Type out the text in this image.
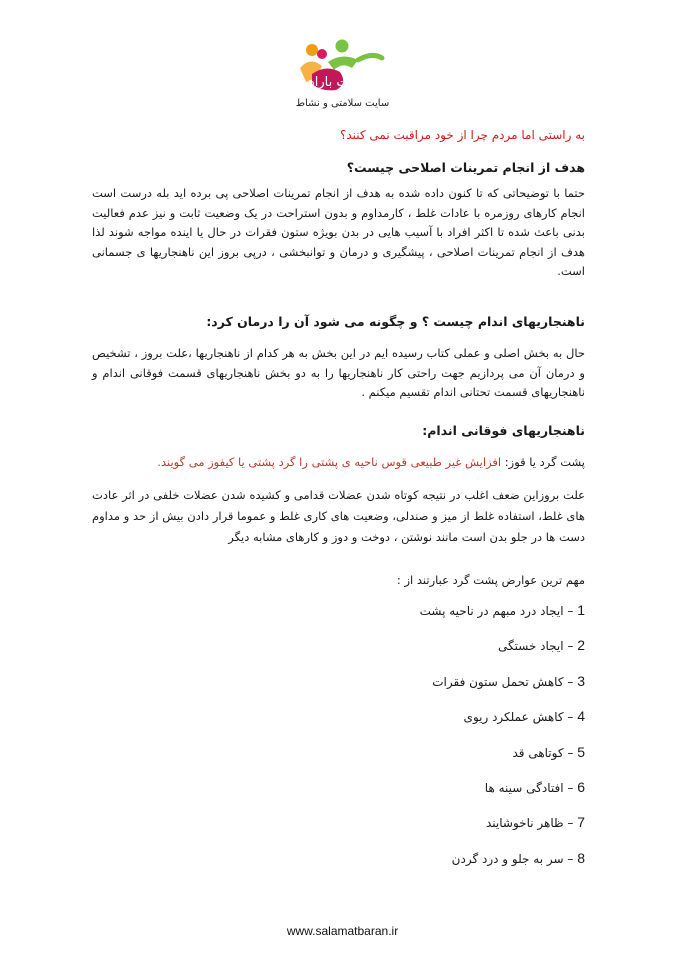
سلامت باران
سایت سلامتی و نشاط
به راستی اما مردم چرا از خود مراقبت نمی کنند؟
هدف از انجام تمرینات اصلاحی چیست؟
حتما با توضیحاتی که تا کنون داده شده به هدف از انجام تمرینات اصلاحی پی برده اید بله درست است انجام کارهای روزمره با عادات غلط ، کارمداوم و بدون استراحت در یک وضعیت ثابت و نیز عدم فعالیت بدنی باعث شده تا اکثر افراد با آسیب هایی در بدن بویژه ستون فقرات در حال یا اینده مواجه شوند لذا هدف از انجام تمرینات اصلاحی ، پیشگیری و درمان و توانبخشی ، درپی بروز این ناهنجاریها ی جسمانی است.
ناهنجاریهای اندام چیست ؟ و چگونه می شود آن را درمان کرد:
حال به بخش اصلی و عملی کتاب رسیده ایم در این بخش به هر کدام از ناهنجاریها ،علت بروز ، تشخیص و درمان آن می پردازیم جهت راحتی کار ناهنجاریها را به دو بخش ناهنجاریهای قسمت فوقانی اندام و ناهنجاریهای قسمت تحتانی اندام تقسیم میکنم .
ناهنجاریهای فوقانی اندام:
پشت گرد یا قوز: افزایش غیر طبیعی قوس ناحیه ی پشتی را گرد پشتی یا کیفوز می گویند.
علت بروزاین ضعف اغلب در نتیجه کوتاه شدن عضلات قدامی و کشیده شدن عضلات خلفی در اثر عادت های غلط، استفاده غلط از میز و صندلی، وضعیت های کاری غلط و عموما قرار دادن بیش از حد و مداوم دست ها در جلو بدن است مانند نوشتن ، دوخت و دوز و کارهای مشابه دیگر
مهم ترین عوارض پشت گرد عبارتند از :
1 – ایجاد درد مبهم در ناحیه پشت
2 – ایجاد خستگی
3 – کاهش تحمل ستون فقرات
4 – کاهش عملکرد ریوی
5 – کوتاهی قد
6 – افتادگی سینه ها
7 – ظاهر ناخوشایند
8 – سر به جلو و درد گردن
www.salamatbaran.ir
